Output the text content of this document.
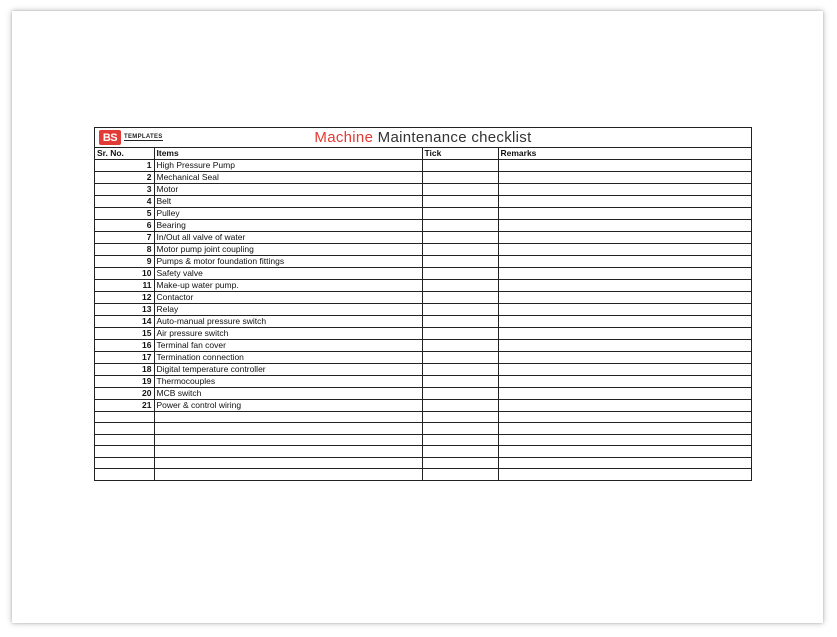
BS	TEMPLATES	Machine Maintenance checklist
Sr. No.	Items	Tick	Remarks
1	High Pressure Pump		
2	Mechanical Seal		
3	Motor		
4	Belt		
5	Pulley		
6	Bearing		
7	In/Out all valve of water		
8	Motor pump joint coupling		
9	Pumps & motor foundation fittings		
10	Safety valve		
11	Make-up water pump.		
12	Contactor		
13	Relay		
14	Auto-manual pressure switch		
15	Air pressure switch		
16	Terminal fan cover		
17	Termination connection		
18	Digital temperature controller		
19	Thermocouples		
20	MCB switch		
21	Power & control wiring		
